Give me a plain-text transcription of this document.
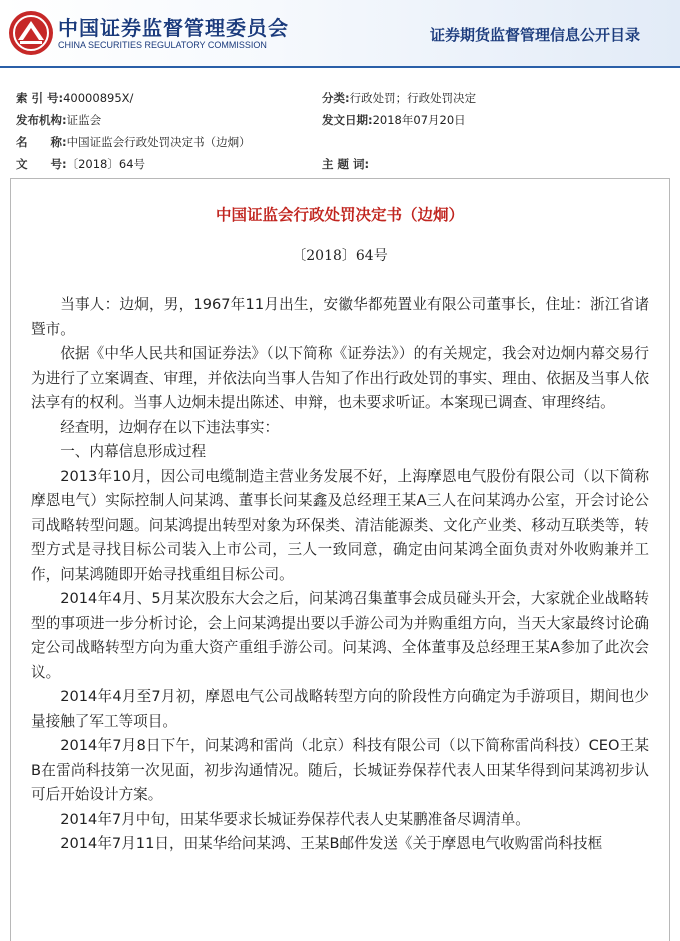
中国证券监督管理委员会
CHINA SECURITIES REGULATORY COMMISSION
证券期货监督管理信息公开目录
索 引 号:40000895X/	分类:行政处罚；行政处罚决定
发布机构:证监会	发文日期:2018年07月20日
名　　称:中国证监会行政处罚决定书（边炯）
文　　号:〔2018〕64号	主 题 词:
中国证监会行政处罚决定书（边炯）
〔2018〕64号

当事人：边炯，男，1967年11月出生，安徽华都苑置业有限公司董事长，住址：浙江省诸暨市。

依据《中华人民共和国证券法》（以下简称《证券法》）的有关规定，我会对边炯内幕交易行为进行了立案调查、审理，并依法向当事人告知了作出行政处罚的事实、理由、依据及当事人依法享有的权利。当事人边炯未提出陈述、申辩，也未要求听证。本案现已调查、审理终结。

经查明，边炯存在以下违法事实：

一、内幕信息形成过程

2013年10月，因公司电缆制造主营业务发展不好，上海摩恩电气股份有限公司（以下简称摩恩电气）实际控制人问某鸿、董事长问某鑫及总经理王某A三人在问某鸿办公室，开会讨论公司战略转型问题。问某鸿提出转型对象为环保类、清洁能源类、文化产业类、移动互联类等，转型方式是寻找目标公司装入上市公司，三人一致同意，确定由问某鸿全面负责对外收购兼并工作，问某鸿随即开始寻找重组目标公司。

2014年4月、5月某次股东大会之后，问某鸿召集董事会成员碰头开会，大家就企业战略转型的事项进一步分析讨论，会上问某鸿提出要以手游公司为并购重组方向，当天大家最终讨论确定公司战略转型方向为重大资产重组手游公司。问某鸿、全体董事及总经理王某A参加了此次会议。

2014年4月至7月初，摩恩电气公司战略转型方向的阶段性方向确定为手游项目，期间也少量接触了军工等项目。

2014年7月8日下午，问某鸿和雷尚（北京）科技有限公司（以下简称雷尚科技）CEO王某B在雷尚科技第一次见面，初步沟通情况。随后，长城证券保荐代表人田某华得到问某鸿初步认可后开始设计方案。

2014年7月中旬，田某华要求长城证券保荐代表人史某鹏准备尽调清单。

2014年7月11日，田某华给问某鸿、王某B邮件发送《关于摩恩电气收购雷尚科技框
